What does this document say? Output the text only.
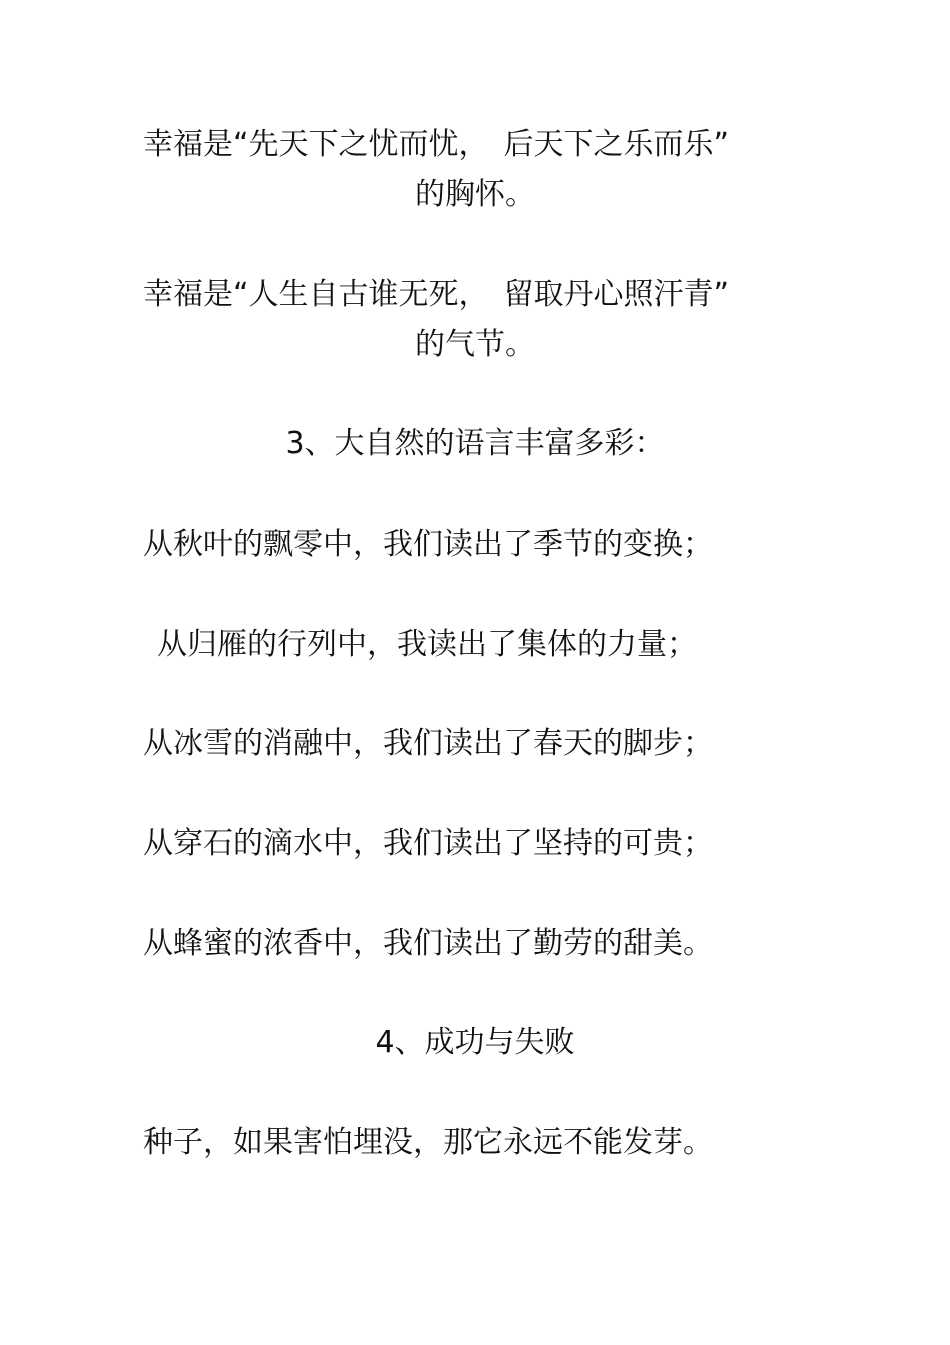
幸福是“先天下之忧而忧，　后天下之乐而乐”
的胸怀。
幸福是“人生自古谁无死，　留取丹心照汗青”
的气节。
3、大自然的语言丰富多彩：
从秋叶的飘零中，我们读出了季节的变换；
从归雁的行列中，我读出了集体的力量；
从冰雪的消融中，我们读出了春天的脚步；
从穿石的滴水中，我们读出了坚持的可贵；
从蜂蜜的浓香中，我们读出了勤劳的甜美。
4、成功与失败
种子，如果害怕埋没，那它永远不能发芽。
